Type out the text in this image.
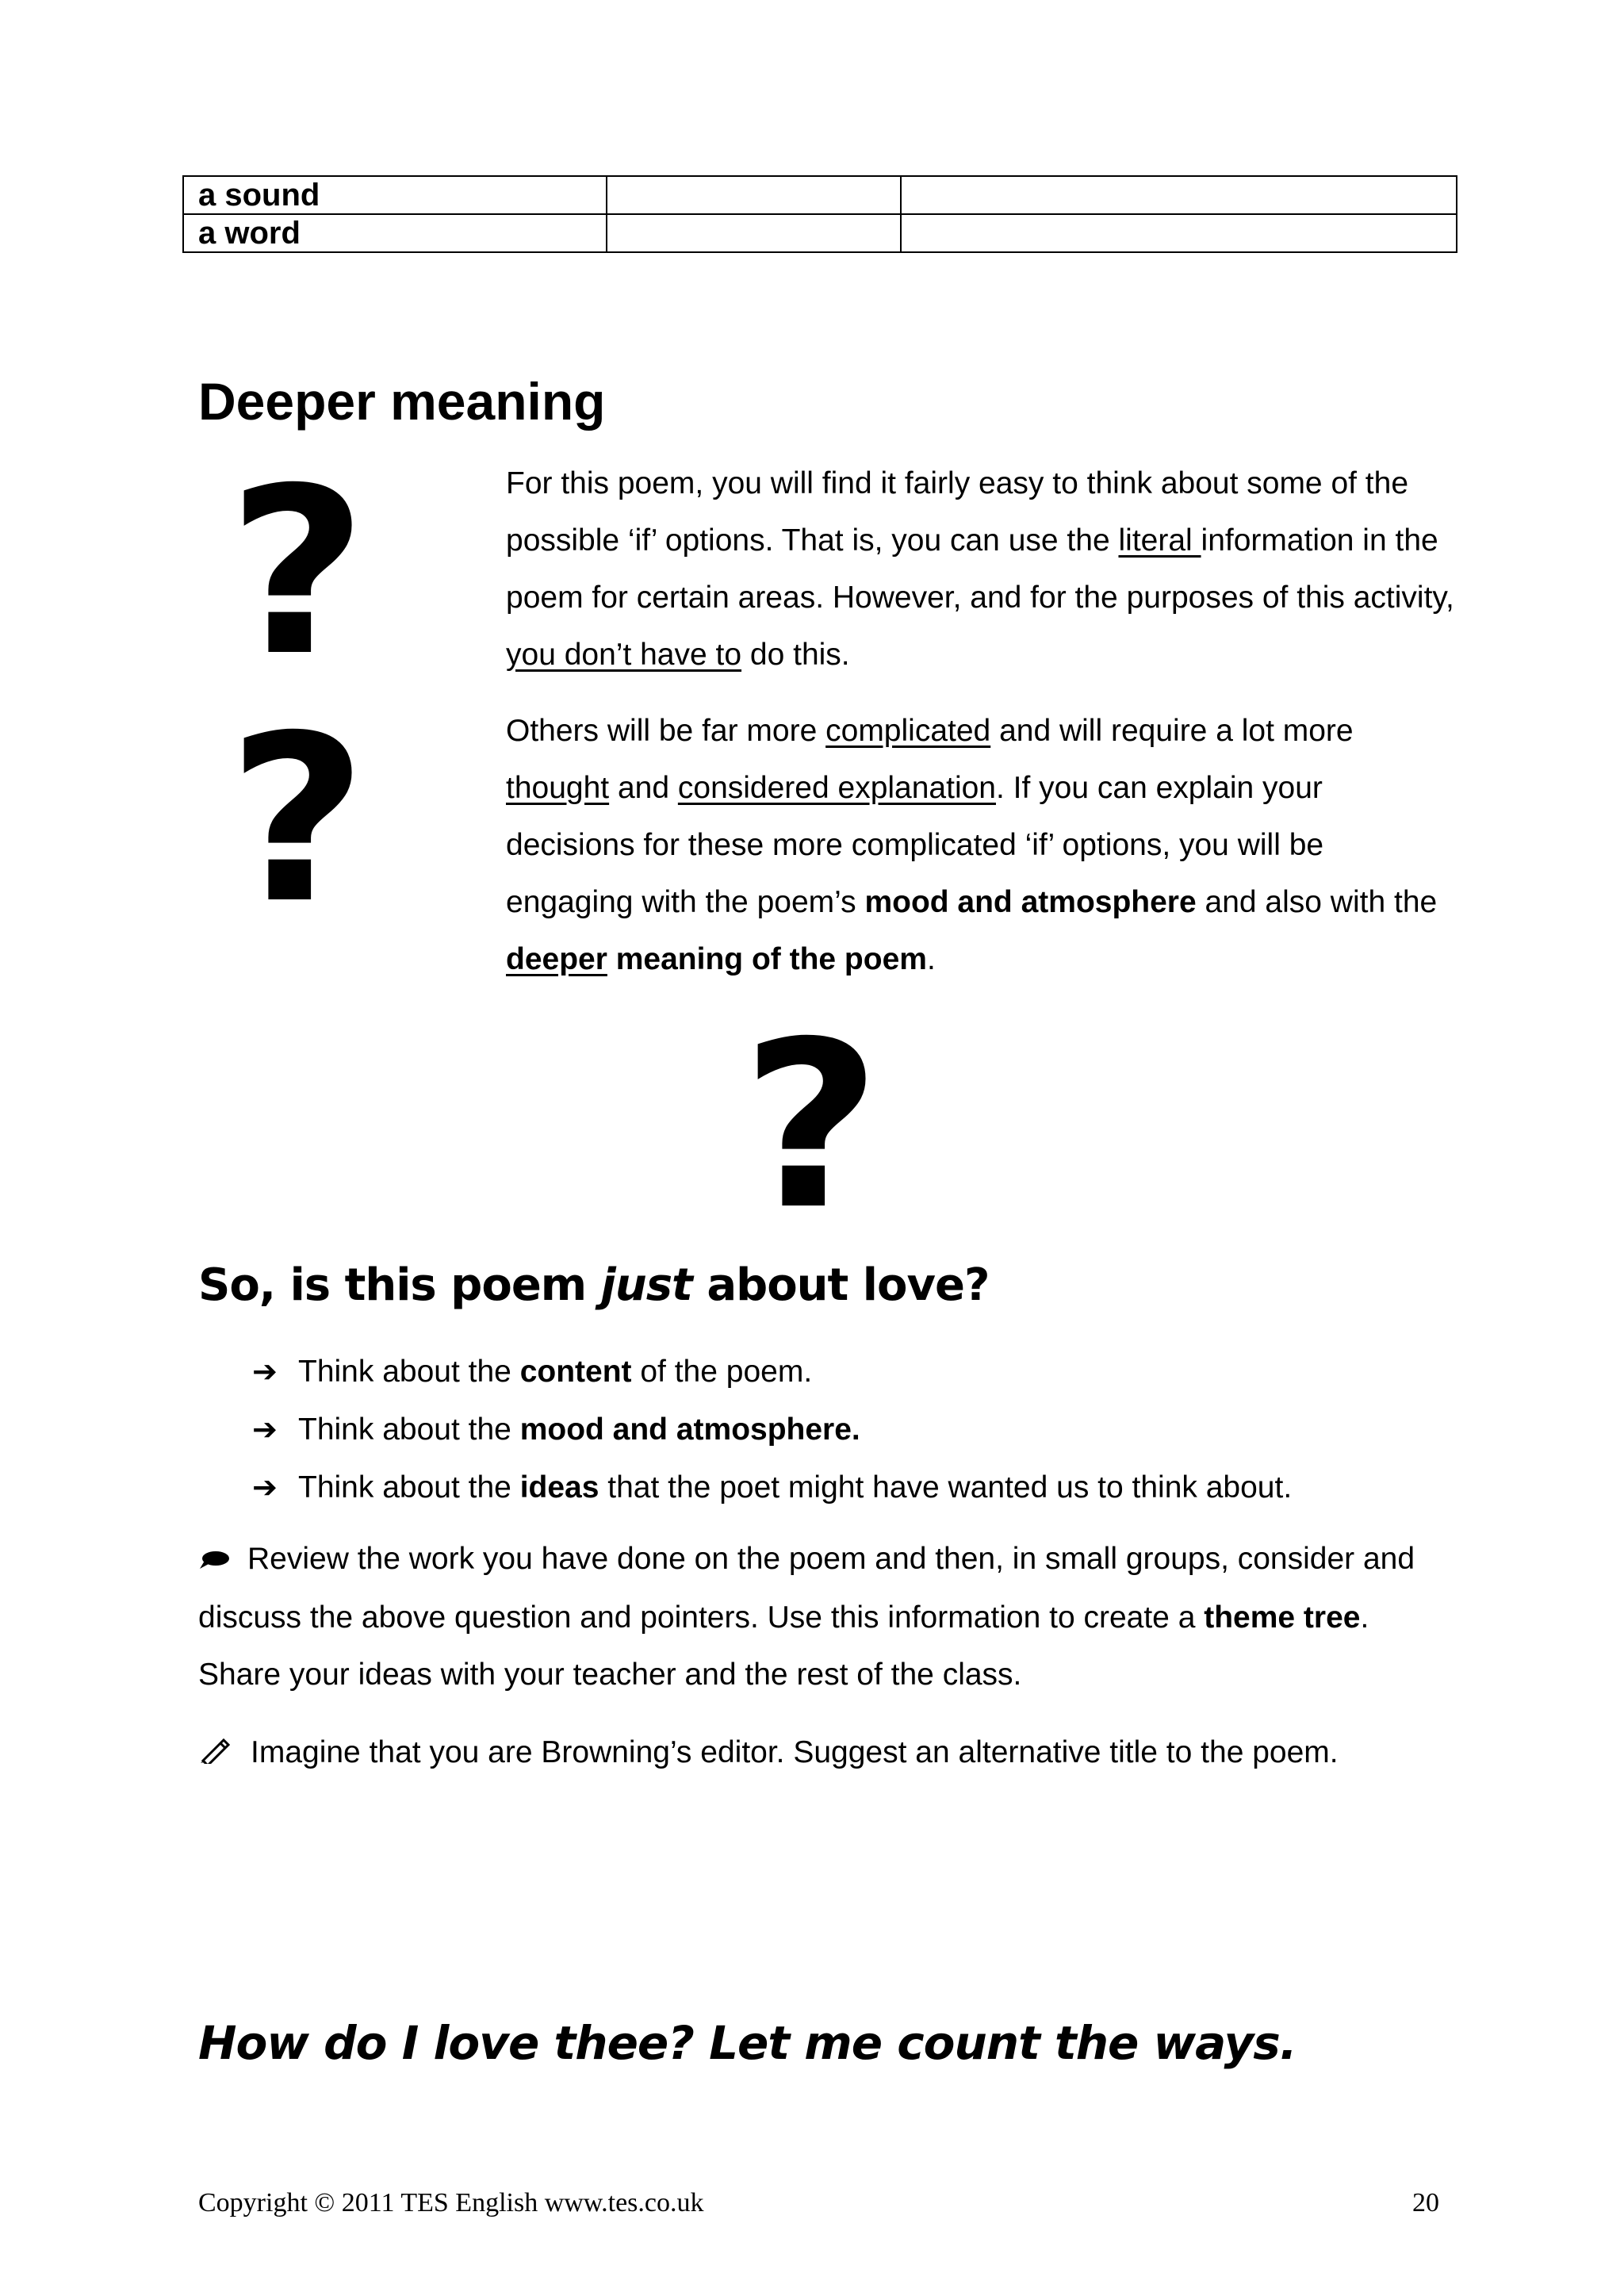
a sound		
a word		
Deeper meaning
?
?

For this poem, you will find it fairly easy to think about some of the possible ‘if’ options. That is, you can use the literal information in the poem for certain areas. However, and for the purposes of this activity, you don’t have to do this.

Others will be far more complicated and will require a lot more thought and considered explanation. If you can explain your decisions for these more complicated ‘if’ options, you will be engaging with the poem’s mood and atmosphere and also with the deeper meaning of the poem.

?
So, is this poem just about love?
➔ Think about the content of the poem.
➔ Think about the mood and atmosphere.
➔ Think about the ideas that the poet might have wanted us to think about.

Review the work you have done on the poem and then, in small groups, consider and discuss the above question and pointers. Use this information to create a theme tree. Share your ideas with your teacher and the rest of the class.

Imagine that you are Browning’s editor. Suggest an alternative title to the poem.

How do I love thee? Let me count the ways.

Copyright © 2011 TES English www.tes.co.uk	20
